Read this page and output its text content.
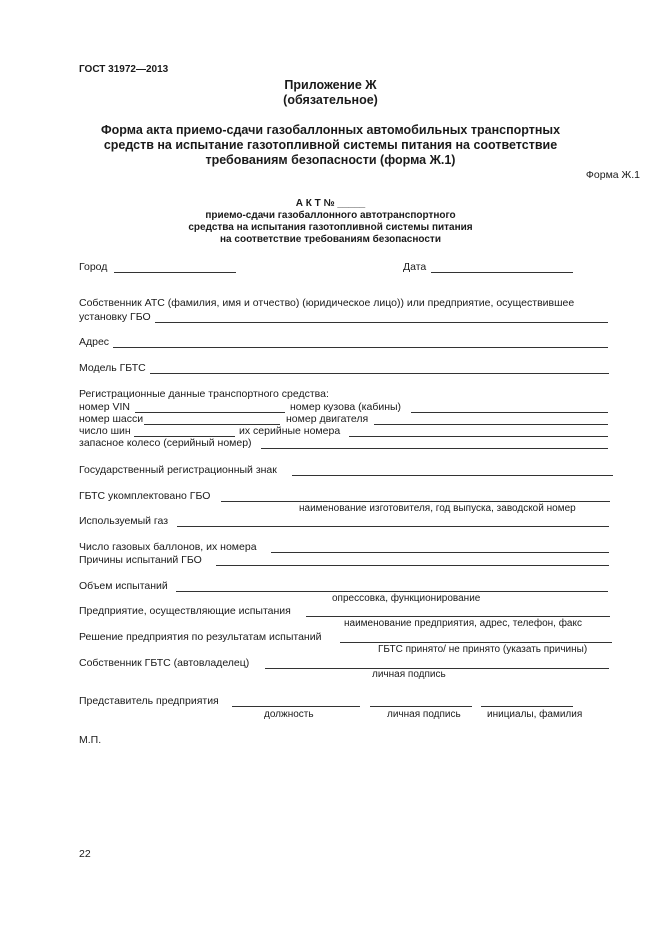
ГОСТ 31972—2013
Приложение Ж
(обязательное)
Форма акта приемо-сдачи газобаллонных автомобильных транспортных
средств на испытание газотопливной системы питания на соответствие
требованиям безопасности (форма Ж.1)
Форма Ж.1
А К Т № _____
приемо-сдачи газобаллонного автотранспортного
средства на испытания газотопливной системы питания
на соответствие требованиям безопасности
Город	Дата
Собственник АТС (фамилия, имя и отчество) (юридическое лицо)) или предприятие, осуществившее
установку ГБО
Адрес
Модель ГБТС
Регистрационные данные транспортного средства:
номер VIN	номер кузова (кабины)
номер шасси	номер двигателя
число шин	их серийные номера
запасное колесо (серийный номер)
Государственный регистрационный знак
ГБТС укомплектовано ГБО
наименование изготовителя, год выпуска, заводской номер
Используемый газ
Число газовых баллонов, их номера
Причины испытаний ГБО
Объем испытаний
опрессовка, функционирование
Предприятие, осуществляющие испытания
наименование предприятия, адрес, телефон, факс
Решение предприятия по результатам испытаний
ГБТС принято/ не принято (указать причины)
Собственник ГБТС (автовладелец)
личная подпись
Представитель предприятия
должность	личная подпись	инициалы, фамилия
М.П.
22
